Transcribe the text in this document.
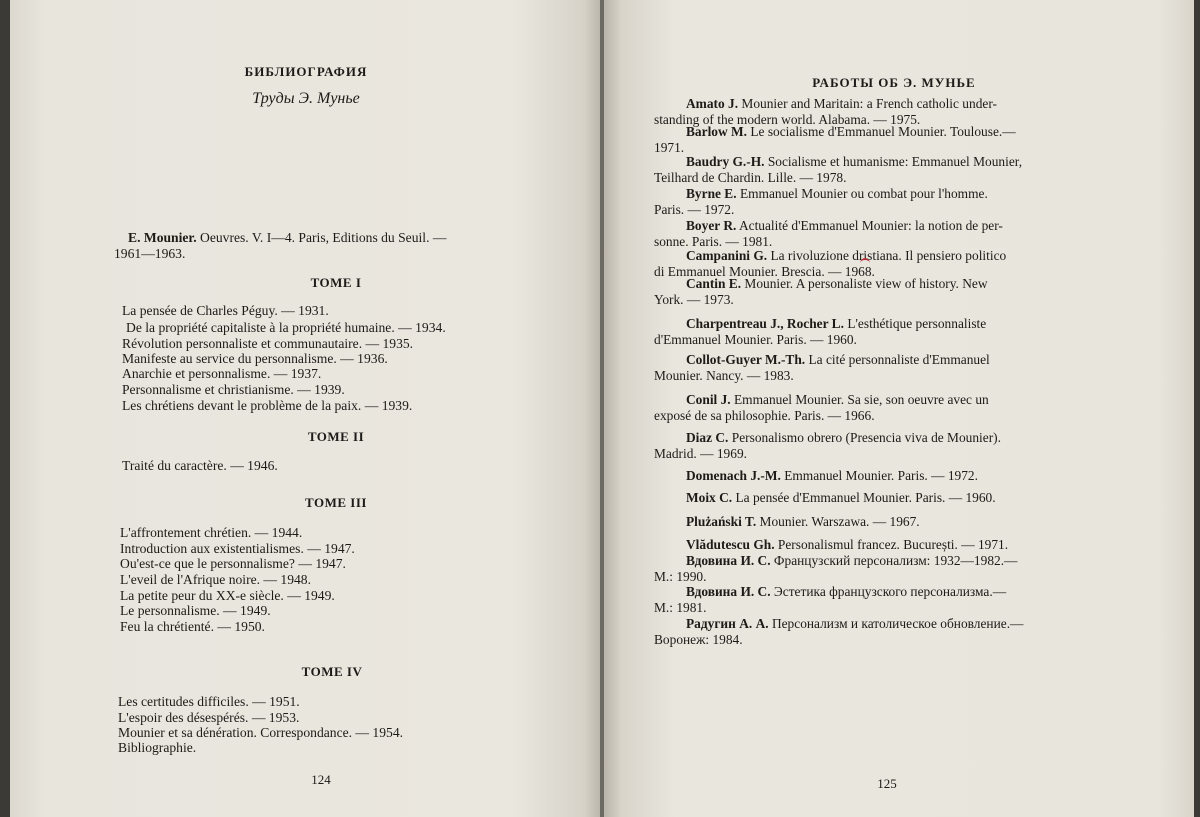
БИБЛИОГРАФИЯ
Труды Э. Мунье
E. Mounier. Oeuvres. V. I—4. Paris, Editions du Seuil. —
1961—1963.
TOME I
La pensée de Charles Péguy. — 1931.
De la propriété capitaliste à la propriété humaine. — 1934.
Révolution personnaliste et communautaire. — 1935.
Manifeste au service du personnalisme. — 1936.
Anarchie et personnalisme. — 1937.
Personnalisme et christianisme. — 1939.
Les chrétiens devant le problème de la paix. — 1939.
TOME II
Traité du caractère. — 1946.
TOME III
L'affrontement chrétien. — 1944.
Introduction aux existentialismes. — 1947.
Ou'est-ce que le personnalisme? — 1947.
L'eveil de l'Afrique noire. — 1948.
La petite peur du XX-e siècle. — 1949.
Le personnalisme. — 1949.
Feu la chrétienté. — 1950.
TOME IV
Les certitudes difficiles. — 1951.
L'espoir des désespérés. — 1953.
Mounier et sa dénération. Correspondance. — 1954.
Bibliographie.
124
РАБОТЫ ОБ Э. МУНЬЕ
Amato J. Mounier and Maritain: a French catholic under-
standing of the modern world. Alabama. — 1975.
Barlow M. Le socialisme d'Emmanuel Mounier. Toulouse.—
1971.
Baudry G.-H. Socialisme et humanisme: Emmanuel Mounier,
Teilhard de Chardin. Lille. — 1978.
Byrne E. Emmanuel Mounier ou combat pour l'homme.
Paris. — 1972.
Boyer R. Actualité d'Emmanuel Mounier: la notion de per-
sonne. Paris. — 1981.
Campanini G. La rivoluzione dristiana. Il pensiero politico
di Emmanuel Mounier. Brescia. — 1968.
Cantin E. Mounier. A personaliste view of history. New
York. — 1973.
Charpentreau J., Rocher L. L'esthétique personnaliste
d'Emmanuel Mounier. Paris. — 1960.
Collot-Guyer M.-Th. La cité personnaliste d'Emmanuel
Mounier. Nancy. — 1983.
Conil J. Emmanuel Mounier. Sa sie, son oeuvre avec un
exposé de sa philosophie. Paris. — 1966.
Diaz C. Personalismo obrero (Presencia viva de Mounier).
Madrid. — 1969.
Domenach J.-M. Emmanuel Mounier. Paris. — 1972.
Moix C. La pensée d'Emmanuel Mounier. Paris. — 1960.
Plużański T. Mounier. Warszawa. — 1967.
Vlădutescu Gh. Personalismul francez. București. — 1971.
Вдовина И. С. Французский персонализм: 1932—1982.—
М.: 1990.
Вдовина И. С. Эстетика французского персонализма.—
М.: 1981.
Радугин А. А. Персонализм и католическое обновление.—
Воронеж: 1984.
125
